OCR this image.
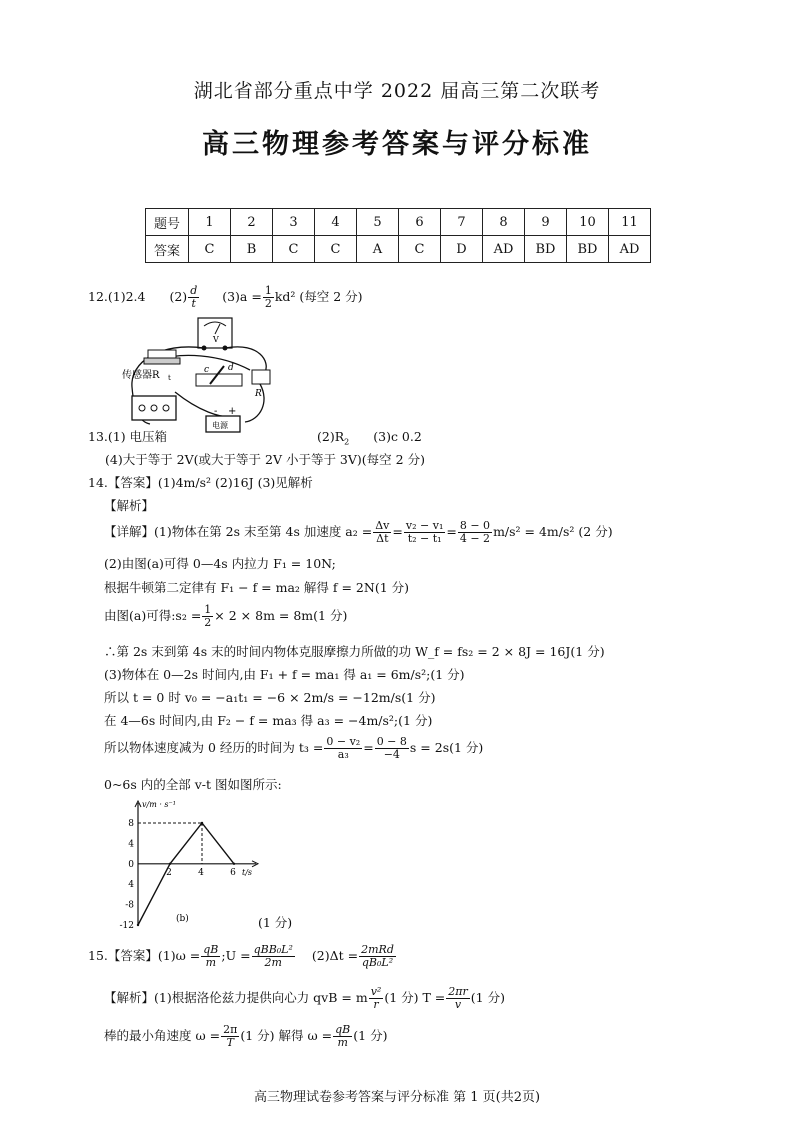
湖北省部分重点中学 2022 届高三第二次联考
高三物理参考答案与评分标准
题号	1	2	3	4	5	6	7	8	9	10	11
答案	C	B	C	C	A	C	D	AD	BD	BD	AD
12.(1)2.4 $(2) \frac{d}{t} (3)a = \frac{1}{2} kd^2$ (每空 2 分)
V
传感器R t
c d
R
电源
- +
13.(1) 电压箱	$(2)R_2$ (3)c 0.2
(4)大于等于 2V(或大于等于 2V 小于等于 3V)(每空 2 分)
14.【答案】(1)4m/s² (2)16J (3)见解析
【解析】
【详解】(1)物体在第 2s 末至第 4s 加速度 $a_2 = \frac{\Delta v}{\Delta t} = \frac{\text{v₂ − v₁}}{\text{t₂ − t₁}} = \frac{8 - 0}{4 - 2} m/s^2 = 4m/s^2$ (2 分)
(2)由图(a)可得 0—4s 内拉力 F₁ = 10N;
根据牛顿第二定律有 F₁ − f = ma₂ 解得 f = 2N(1 分)
由图(a)可得:s₂ = $\frac{1}{2} \times 2 \times 8m = 8m(1$ 分)
∴第 2s 末到第 4s 末的时间内物体克服摩擦力所做的功 W_f = fs₂ = 2 × 8J = 16J(1 分)
(3)物体在 0—2s 时间内,由 F₁ + f = ma₁ 得 a₁ = 6m/s²;(1 分)
所以 t = 0 时 v₀ = −a₁t₁ = −6 × 2m/s = −12m/s(1 分)
在 4—6s 时间内,由 F₂ − f = ma₃ 得 a₃ = −4m/s²;(1 分)
所以物体速度减为 0 经历的时间为 $t_3 = \frac{\text{0 − v₂}}{\text{a₃}} = \frac{0 - 8}{-4}$ s = 2s(1 分)
0~6s 内的全部 v-t 图如图所示:
v/m · s⁻¹
t/s
8
4
0
4
-8
-12
2	4	6
(b)	(1 分)
15.【答案】$(1)\omega = \frac{qB}{m}$ ;U = $\frac{\text{qBB₀L²}}{2m} (2)\Delta t = \frac{\text{2mRd}}{\text{qB₀L²}}$
【解析】(1)根据洛伦兹力提供向心力 qvB = m $\frac{\text{v²}}{r} (1$ 分) $T = \frac{2\pi r}{v} (1$ 分)
棒的最小角速度 $\omega = \frac{2\pi}{T} (1$ 分) 解得 $\omega = \frac{qB}{m} (1$ 分)
高三物理试卷参考答案与评分标准 第 1 页(共2页)
